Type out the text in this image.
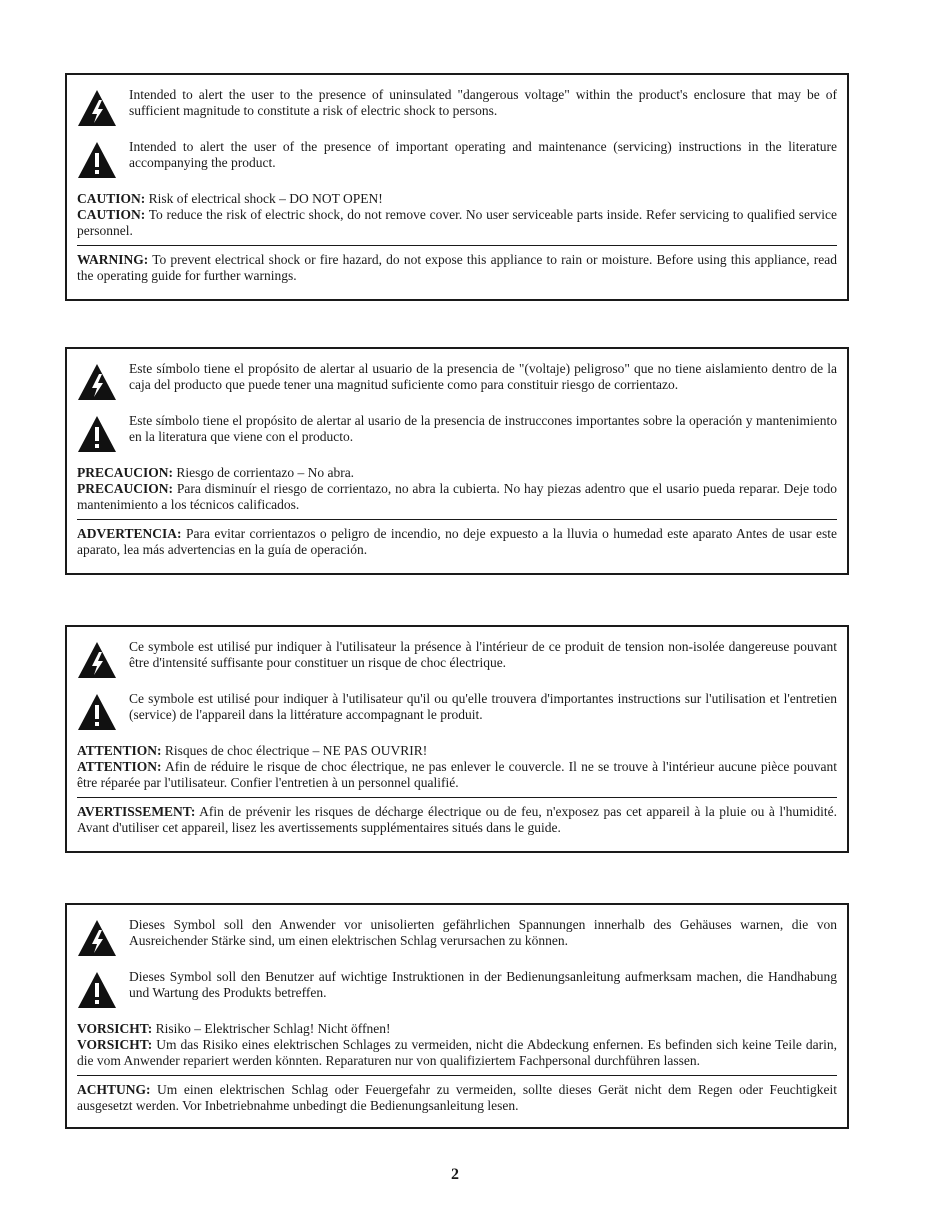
Intended to alert the user to the presence of uninsulated "dangerous voltage" within the product's enclosure that may be of sufficient magnitude to constitute a risk of electric shock to persons.

Intended to alert the user of the presence of important operating and maintenance (servicing) instructions in the literature accompanying the product.

CAUTION: Risk of electrical shock – DO NOT OPEN!

CAUTION: To reduce the risk of electric shock, do not remove cover. No user serviceable parts inside. Refer servicing to qualified service personnel.

WARNING: To prevent electrical shock or fire hazard, do not expose this appliance to rain or moisture. Before using this appliance, read the operating guide for further warnings.

Este símbolo tiene el propósito de alertar al usuario de la presencia de "(voltaje) peligroso" que no tiene aislamiento dentro de la caja del producto que puede tener una magnitud suficiente como para constituir riesgo de corrientazo.

Este símbolo tiene el propósito de alertar al usario de la presencia de instruccones importantes sobre la operación y mantenimiento en la literatura que viene con el producto.

PRECAUCION: Riesgo de corrientazo – No abra.

PRECAUCION: Para disminuír el riesgo de corrientazo, no abra la cubierta. No hay piezas adentro que el usario pueda reparar. Deje todo mantenimiento a los técnicos calificados.

ADVERTENCIA: Para evitar corrientazos o peligro de incendio, no deje expuesto a la lluvia o humedad este aparato Antes de usar este aparato, lea más advertencias en la guía de operación.

Ce symbole est utilisé pur indiquer à l'utilisateur la présence à l'intérieur de ce produit de tension non-isolée dangereuse pouvant être d'intensité suffisante pour constituer un risque de choc électrique.

Ce symbole est utilisé pour indiquer à l'utilisateur qu'il ou qu'elle trouvera d'importantes instructions sur l'utilisation et l'entretien (service) de l'appareil dans la littérature accompagnant le produit.

ATTENTION: Risques de choc électrique – NE PAS OUVRIR!

ATTENTION: Afin de réduire le risque de choc électrique, ne pas enlever le couvercle. Il ne se trouve à l'intérieur aucune pièce pouvant être réparée par l'utilisateur. Confier l'entretien à un personnel qualifié.

AVERTISSEMENT: Afin de prévenir les risques de décharge électrique ou de feu, n'exposez pas cet appareil à la pluie ou à l'humidité. Avant d'utiliser cet appareil, lisez les avertissements supplémentaires situés dans le guide.

Dieses Symbol soll den Anwender vor unisolierten gefährlichen Spannungen innerhalb des Gehäuses warnen, die von Ausreichender Stärke sind, um einen elektrischen Schlag verursachen zu können.

Dieses Symbol soll den Benutzer auf wichtige Instruktionen in der Bedienungsanleitung aufmerksam machen, die Handhabung und Wartung des Produkts betreffen.

VORSICHT: Risiko – Elektrischer Schlag! Nicht öffnen!

VORSICHT: Um das Risiko eines elektrischen Schlages zu vermeiden, nicht die Abdeckung enfernen. Es befinden sich keine Teile darin, die vom Anwender repariert werden könnten. Reparaturen nur von qualifiziertem Fachpersonal durchführen lassen.

ACHTUNG: Um einen elektrischen Schlag oder Feuergefahr zu vermeiden, sollte dieses Gerät nicht dem Regen oder Feuchtigkeit ausgesetzt werden. Vor Inbetriebnahme unbedingt die Bedienungsanleitung lesen.

2
